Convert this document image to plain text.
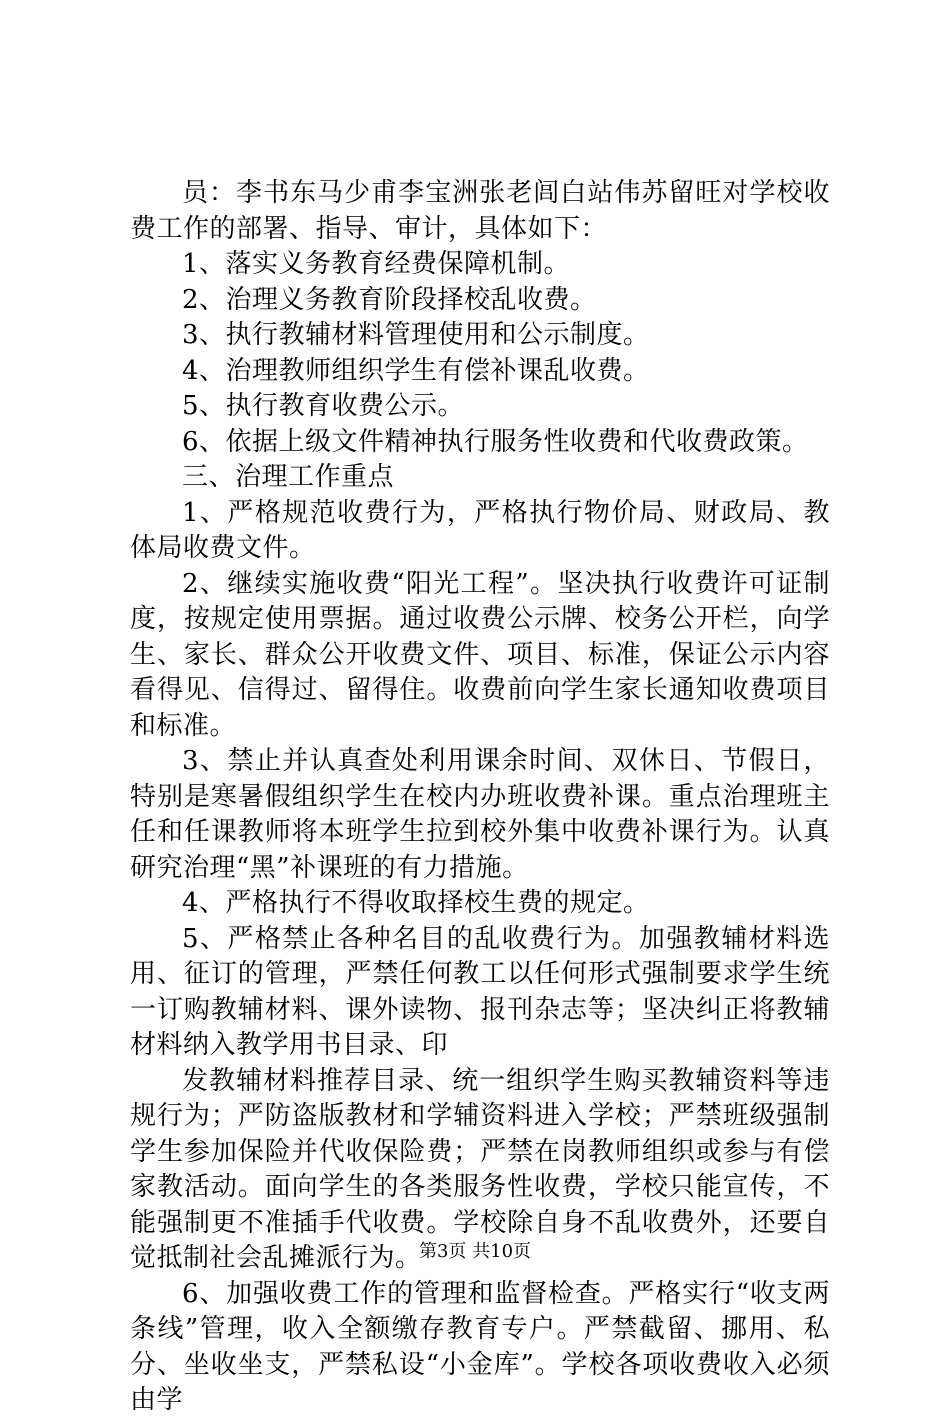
员：李书东马少甫李宝洲张老闾白站伟苏留旺对学校收费工作的部署、指导、审计，具体如下：

1、落实义务教育经费保障机制。

2、治理义务教育阶段择校乱收费。

3、执行教辅材料管理使用和公示制度。

4、治理教师组织学生有偿补课乱收费。

5、执行教育收费公示。

6、依据上级文件精神执行服务性收费和代收费政策。

三、治理工作重点

1、严格规范收费行为，严格执行物价局、财政局、教体局收费文件。

2、继续实施收费“阳光工程”。坚决执行收费许可证制度，按规定使用票据。通过收费公示牌、校务公开栏，向学生、家长、群众公开收费文件、项目、标准，保证公示内容看得见、信得过、留得住。收费前向学生家长通知收费项目和标准。

3、禁止并认真查处利用课余时间、双休日、节假日，特别是寒暑假组织学生在校内办班收费补课。重点治理班主任和任课教师将本班学生拉到校外集中收费补课行为。认真研究治理“黑”补课班的有力措施。

4、严格执行不得收取择校生费的规定。

5、严格禁止各种名目的乱收费行为。加强教辅材料选用、征订的管理，严禁任何教工以任何形式强制要求学生统一订购教辅材料、课外读物、报刊杂志等；坚决纠正将教辅材料纳入教学用书目录、印

发教辅材料推荐目录、统一组织学生购买教辅资料等违规行为；严防盗版教材和学辅资料进入学校；严禁班级强制学生参加保险并代收保险费；严禁在岗教师组织或参与有偿家教活动。面向学生的各类服务性收费，学校只能宣传，不能强制更不准插手代收费。学校除自身不乱收费外，还要自觉抵制社会乱摊派行为。

6、加强收费工作的管理和监督检查。严格实行“收支两条线”管理，收入全额缴存教育专户。严禁截留、挪用、私分、坐收坐支，严禁私设“小金库”。学校各项收费收入必须由学

第3页 共10页
